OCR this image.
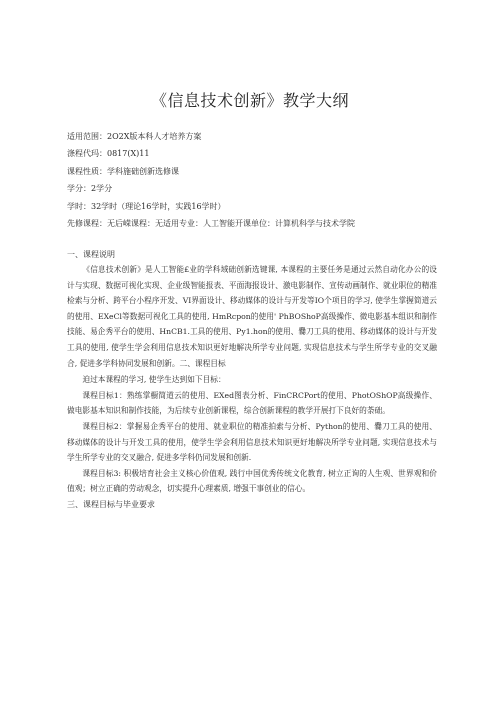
《信息技术创新》教学大纲
适用范围：2O2X版本科人才培养方案
涤程代玛：0817(X)11
课程性质：学科施础创新选修课
学分：2学分
学时：32学时（理论16学时，实践16学时）
先修课程：无后嵘课程：无适用专业：人工智能开课单位：计算机科学与技术学院
一、课程说明
《信息技术创新》是人工智能£业的学科域础创新选键课, 本课程的主要任务是通过云然自动化办公的设计与实现、数据可视化实现、企业级智能报表、平面海报设计、激电影制作、宣传动画制作、就业职位的精准检索与分析、跨平台小程序开发、VI界面设计、移动媒体的设计与开发等IO个项目的学习, 使学生掌握简道云的使用、EXeCl等数据可视化工具的使用, HmRcpon的使用' PhBOShoP高级操作、微电影基本组识和制作技能、易企秀平台的使用、HnCB1.工具的使用、Py1.hon的使用、爨刀工具的使用、移动媒体的设计与开发工具的使用, 使学生学会利用信息技术知识更好地解决所学专业问题, 实现信息技术与学生所学专业的交叉融合, 促进多学科协同发展和创新。二、课程目标
迫过本课程的学习, 使学生达到如下目标：
课程目标1：熟练掌橱简道云的使用、EXed图表分析、FinCRCPort的使用、PhotOShOP高级操作、做电影基本知识和制作技能，为后续专业创新课程，综合创新课程的教学开展打下良好的荼础。
课程目标2：掌握易企秀平台的使用、就业职位的精准拍索与分析、Python的使用、爨刀工具的使用、移动媒体的设计与开发工具的使用，使学生学会利用信息技术知识更好地解决所学专业问题, 实现信息技术与学生所学专业的交叉融合, 促进多学科仍同发展和创新.
课程目标3: 积极培育社会主义核心价值观, 践行中国优秀传统文化教育, 树立正询的人生观、世界观和价值观；树立正确的劳动观念，切实提升心理素质, 增强干事创业的信心。
三、课程目标与毕业要求
